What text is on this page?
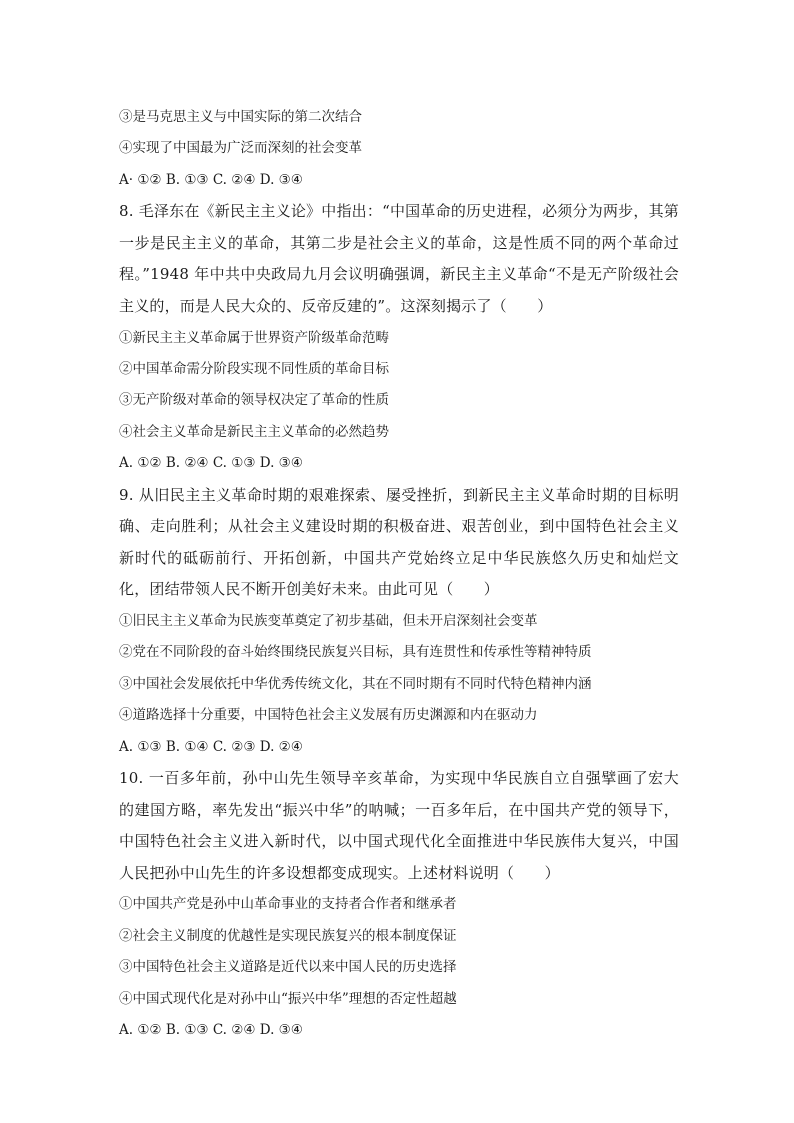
③是马克思主义与中国实际的第二次结合
④实现了中国最为广泛而深刻的社会变革
A· ①② B. ①③ C. ②④ D. ③④
8. 毛泽东在《新民主主义论》中指出：“中国革命的历史进程，必须分为两步，其第一步是民主主义的革命，其第二步是社会主义的革命，这是性质不同的两个革命过程。”1948 年中共中央政局九月会议明确强调，新民主主义革命“不是无产阶级社会主义的，而是人民大众的、反帝反建的”。这深刻揭示了（　　）
①新民主主义革命属于世界资产阶级革命范畴
②中国革命需分阶段实现不同性质的革命目标
③无产阶级对革命的领导权决定了革命的性质
④社会主义革命是新民主主义革命的必然趋势
A. ①② B. ②④ C. ①③ D. ③④
9. 从旧民主主义革命时期的艰难探索、屡受挫折，到新民主主义革命时期的目标明确、走向胜利；从社会主义建设时期的积极奋进、艰苦创业，到中国特色社会主义新时代的砥砺前行、开拓创新，中国共产党始终立足中华民族悠久历史和灿烂文化，团结带领人民不断开创美好未来。由此可见（　　）
①旧民主主义革命为民族变革奠定了初步基础，但未开启深刻社会变革
②党在不同阶段的奋斗始终围绕民族复兴目标，具有连贯性和传承性等精神特质
③中国社会发展依托中华优秀传统文化，其在不同时期有不同时代特色精神内涵
④道路选择十分重要，中国特色社会主义发展有历史渊源和内在驱动力
A. ①③ B. ①④ C. ②③ D. ②④
10. 一百多年前，孙中山先生领导辛亥革命，为实现中华民族自立自强擘画了宏大的建国方略，率先发出“振兴中华”的呐喊；一百多年后，在中国共产党的领导下，中国特色社会主义进入新时代，以中国式现代化全面推进中华民族伟大复兴，中国人民把孙中山先生的许多设想都变成现实。上述材料说明（　　）
①中国共产党是孙中山革命事业的支持者合作者和继承者
②社会主义制度的优越性是实现民族复兴的根本制度保证
③中国特色社会主义道路是近代以来中国人民的历史选择
④中国式现代化是对孙中山“振兴中华”理想的否定性超越
A. ①② B. ①③ C. ②④ D. ③④
